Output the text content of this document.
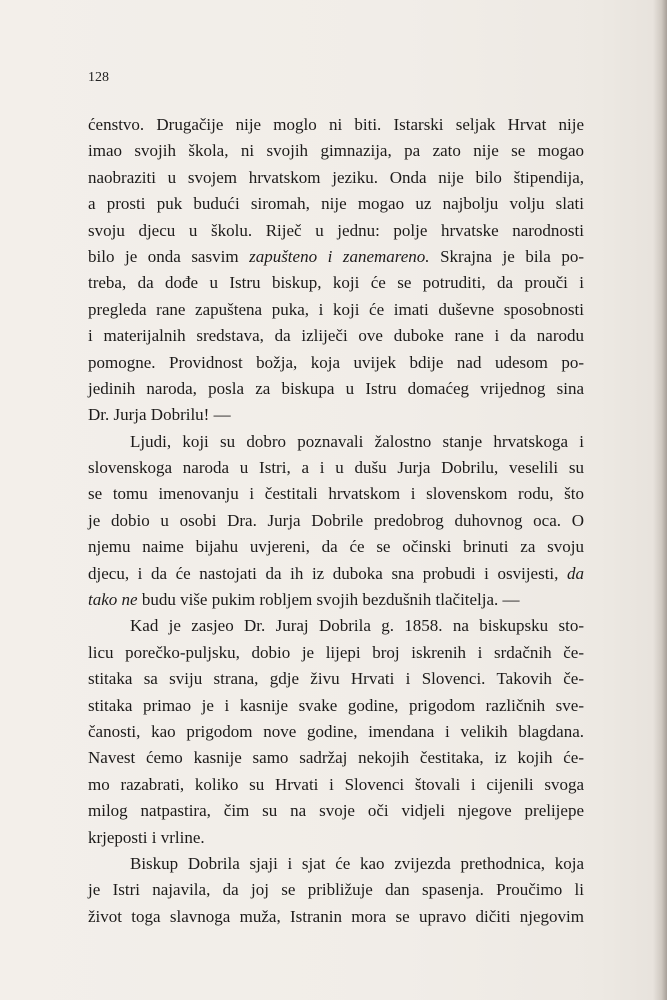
128
ćenstvo. Drugačije nije moglo ni biti. Istarski seljak Hrvat nije
imao svojih škola, ni svojih gimnazija, pa zato nije se mogao
naobraziti u svojem hrvatskom jeziku. Onda nije bilo štipendija,
a prosti puk budući siromah, nije mogao uz najbolju volju slati
svoju djecu u školu. Riječ u jednu: polje hrvatske narodnosti
bilo je onda sasvim zapušteno i zanemareno. Skrajna je bila po-
treba, da dođe u Istru biskup, koji će se potruditi, da prouči i
pregleda rane zapuštena puka, i koji će imati duševne sposobnosti
i materijalnih sredstava, da izliječi ove duboke rane i da narodu
pomogne. Providnost božja, koja uvijek bdije nad udesom po-
jedinih naroda, posla za biskupa u Istru domaćeg vrijednog sina
Dr. Jurja Dobrilu! —
Ljudi, koji su dobro poznavali žalostno stanje hrvatskoga i
slovenskoga naroda u Istri, a i u dušu Jurja Dobrilu, veselili su
se tomu imenovanju i čestitali hrvatskom i slovenskom rodu, što
je dobio u osobi Dra. Jurja Dobrile predobrog duhovnog oca. O
njemu naime bijahu uvjereni, da će se očinski brinuti za svoju
djecu, i da će nastojati da ih iz duboka sna probudi i osvijesti, da
tako ne budu više pukim robljem svojih bezdušnih tlačitelja. —
Kad je zasjeo Dr. Juraj Dobrila g. 1858. na biskupsku sto-
licu porečko-puljsku, dobio je lijepi broj iskrenih i srdačnih če-
stitaka sa sviju strana, gdje živu Hrvati i Slovenci. Takovih če-
stitaka primao je i kasnije svake godine, prigodom različnih sve-
čanosti, kao prigodom nove godine, imendana i velikih blagdana.
Navest ćemo kasnije samo sadržaj nekojih čestitaka, iz kojih će-
mo razabrati, koliko su Hrvati i Slovenci štovali i cijenili svoga
milog natpastira, čim su na svoje oči vidjeli njegove prelijepe
krjeposti i vrline.
Biskup Dobrila sjaji i sjat će kao zvijezda prethodnica, koja
je Istri najavila, da joj se približuje dan spasenja. Proučimo li
život toga slavnoga muža, Istranin mora se upravo dičiti njegovim
